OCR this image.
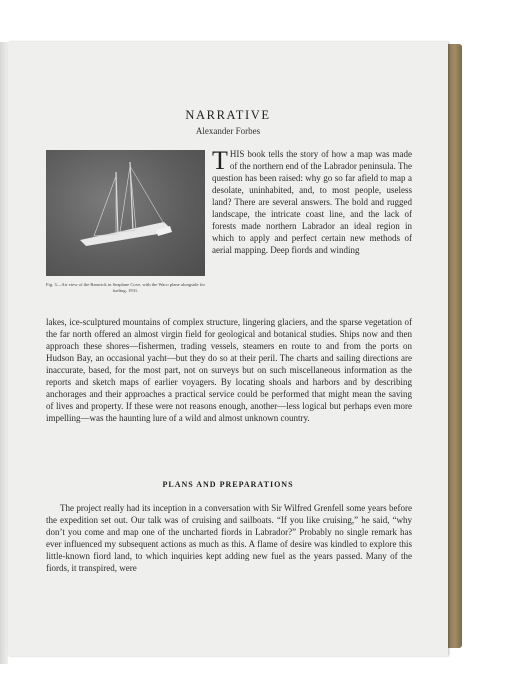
NARRATIVE
Alexander Forbes
Fig. 3—Air view of the Ranwick in Seaplane Cove, with the Waco plane alongside for fueling, 1931.
THIS book tells the story of how a map was made of the northern end of the Labrador peninsula. The question has been raised: why go so far afield to map a desolate, uninhabited, and, to most people, useless land? There are several answers. The bold and rugged landscape, the intricate coast line, and the lack of forests made northern Labrador an ideal region in which to apply and perfect certain new methods of aerial mapping. Deep fiords and winding
lakes, ice-sculptured mountains of complex structure, lingering glaciers, and the sparse vegetation of the far north offered an almost virgin field for geological and botanical studies. Ships now and then approach these shores—fishermen, trading vessels, steamers en route to and from the ports on Hudson Bay, an occasional yacht—but they do so at their peril. The charts and sailing directions are inaccurate, based, for the most part, not on surveys but on such miscellaneous information as the reports and sketch maps of earlier voyagers. By locating shoals and harbors and by describing anchorages and their approaches a practical service could be performed that might mean the saving of lives and property. If these were not reasons enough, another—less logical but perhaps even more impelling—was the haunting lure of a wild and almost unknown country.
PLANS AND PREPARATIONS
The project really had its inception in a conversation with Sir Wilfred Grenfell some years before the expedition set out. Our talk was of cruising and sailboats. “If you like cruising,” he said, “why don’t you come and map one of the uncharted fiords in Labrador?” Probably no single remark has ever influenced my subsequent actions as much as this. A flame of desire was kindled to explore this little-known fiord land, to which inquiries kept adding new fuel as the years passed. Many of the fiords, it transpired, were
